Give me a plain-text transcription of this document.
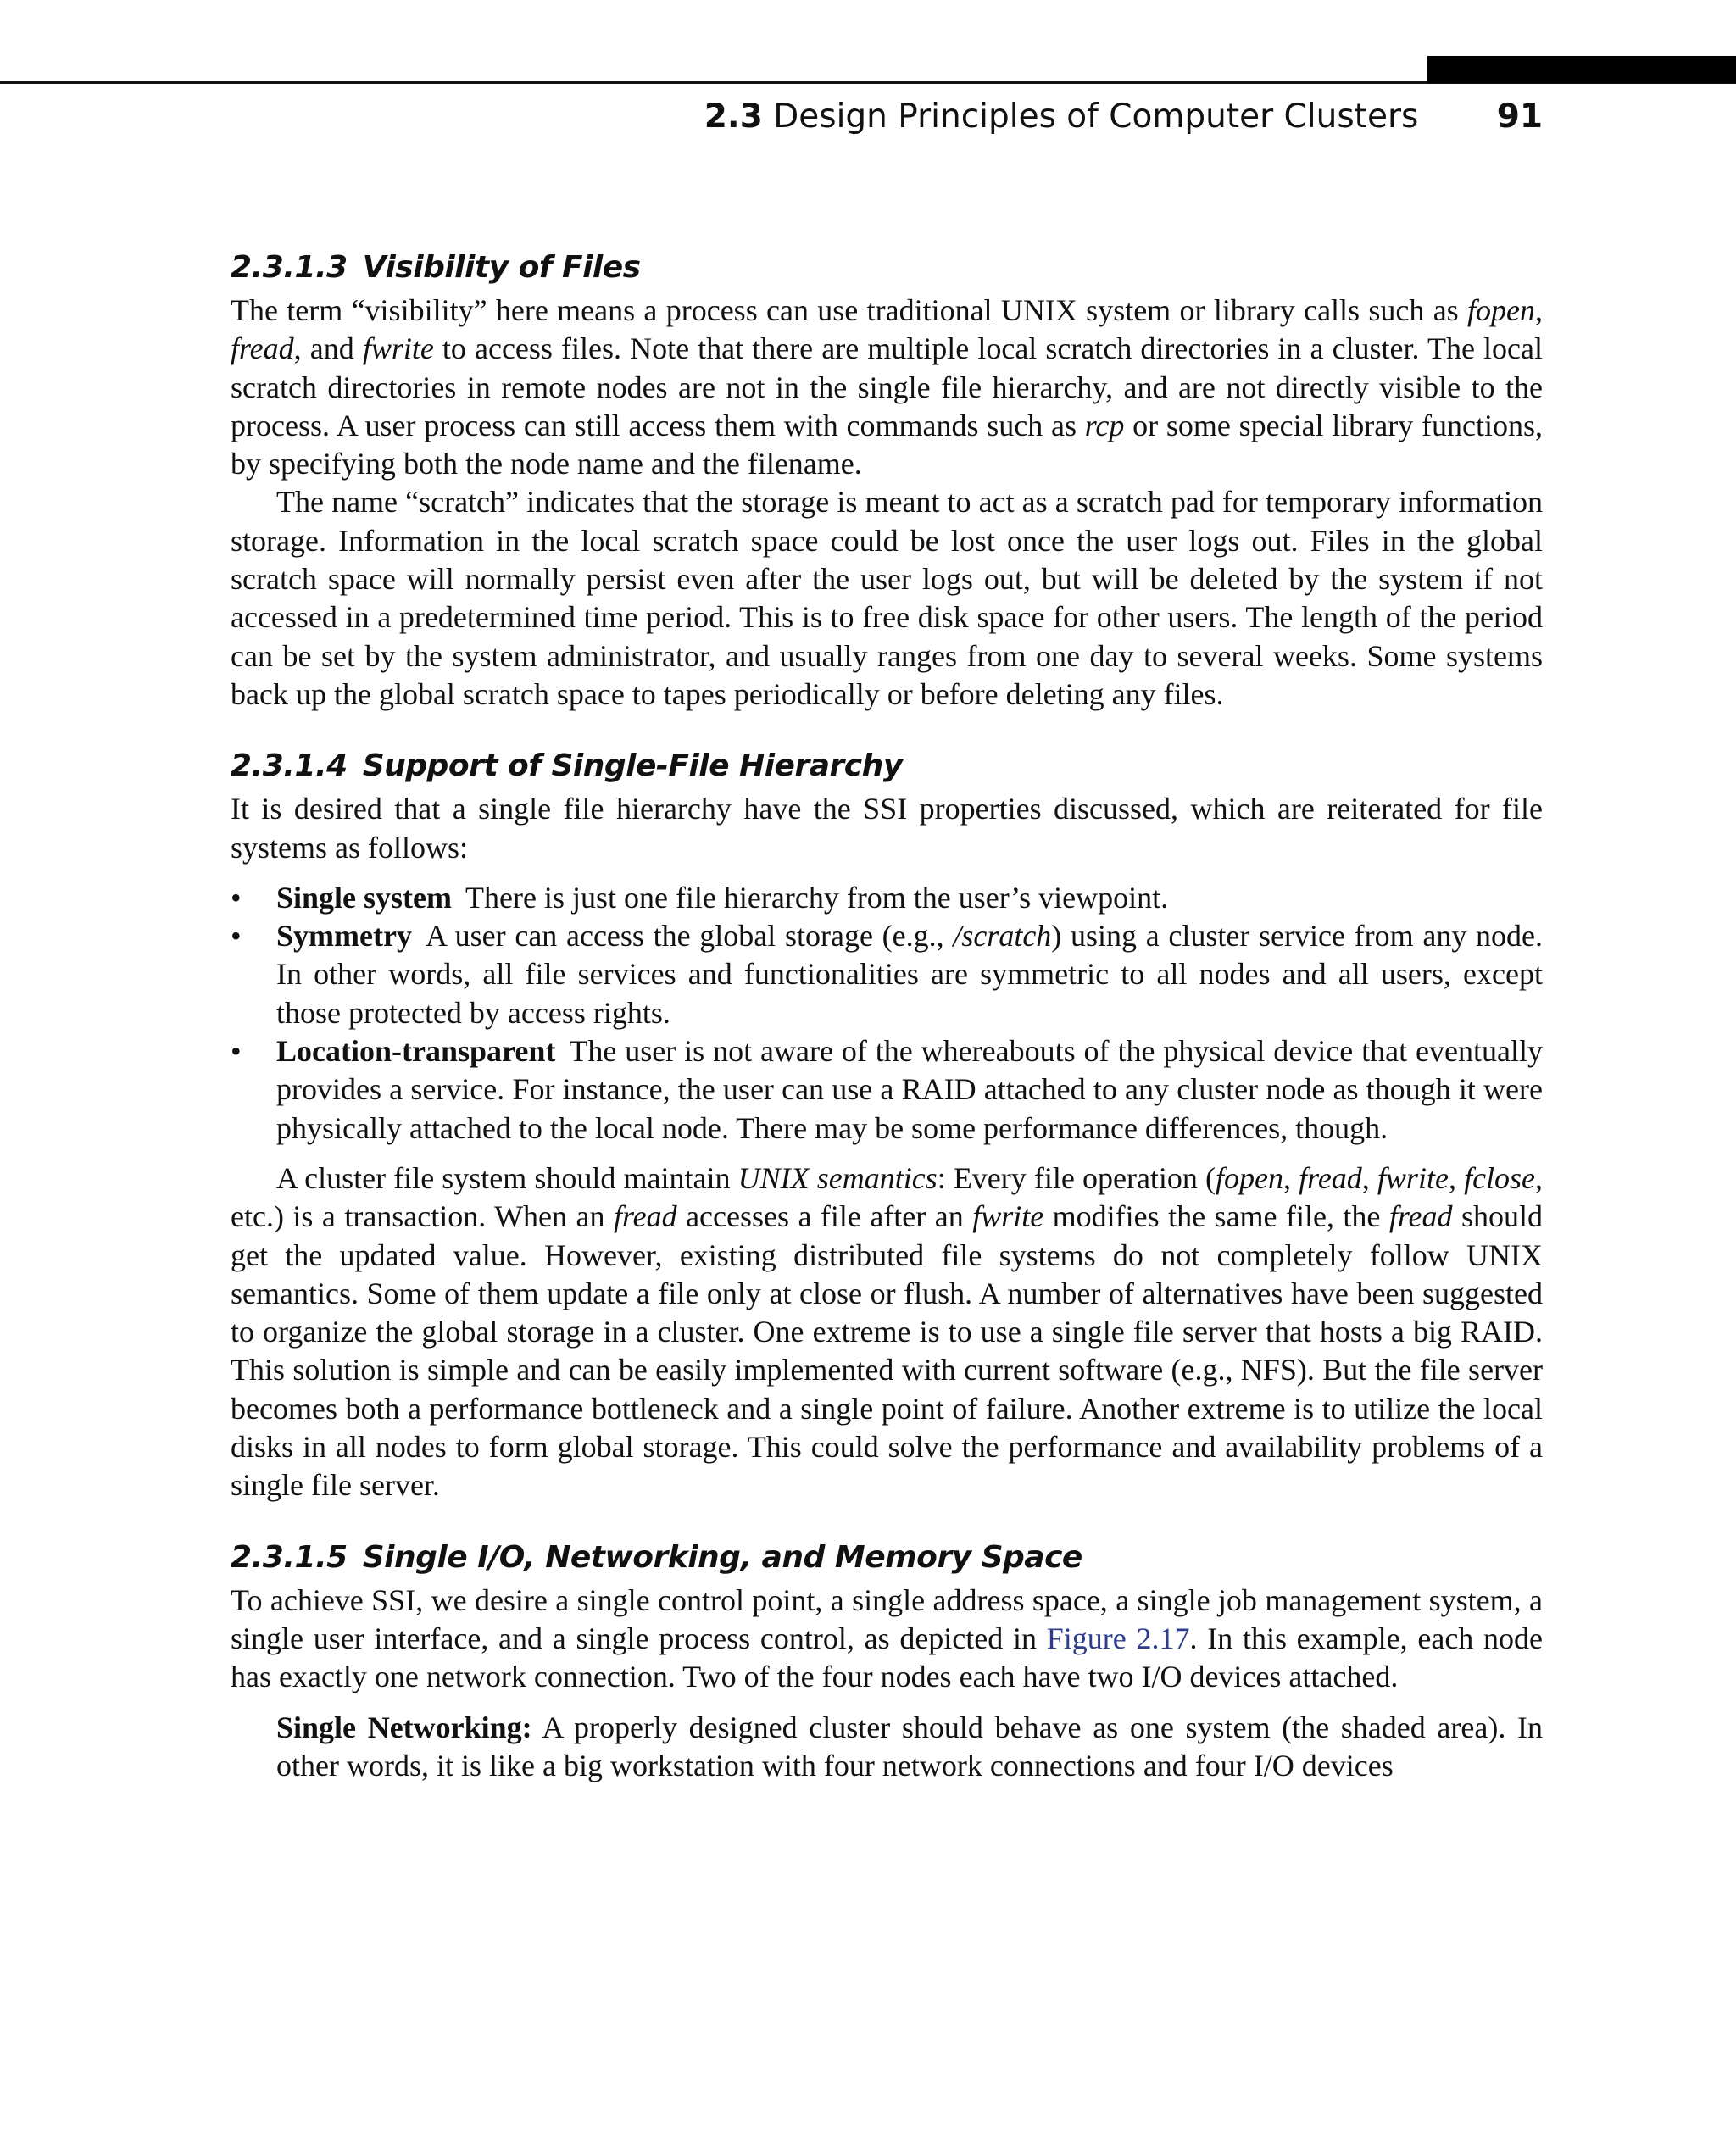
2.3 Design Principles of Computer Clusters 91
2.3.1.3 Visibility of Files

The term “visibility” here means a process can use traditional UNIX system or library calls such as fopen, fread, and fwrite to access files. Note that there are multiple local scratch directories in a cluster. The local scratch directories in remote nodes are not in the single file hierarchy, and are not directly visible to the process. A user process can still access them with commands such as rcp or some special library functions, by specifying both the node name and the filename.

The name “scratch” indicates that the storage is meant to act as a scratch pad for temporary information storage. Information in the local scratch space could be lost once the user logs out. Files in the global scratch space will normally persist even after the user logs out, but will be deleted by the system if not accessed in a predetermined time period. This is to free disk space for other users. The length of the period can be set by the system administrator, and usually ranges from one day to several weeks. Some systems back up the global scratch space to tapes periodically or before deleting any files.

2.3.1.4 Support of Single-File Hierarchy

It is desired that a single file hierarchy have the SSI properties discussed, which are reiterated for file systems as follows:

• Single system There is just one file hierarchy from the user’s viewpoint.
• Symmetry A user can access the global storage (e.g., /scratch) using a cluster service from any node. In other words, all file services and functionalities are symmetric to all nodes and all users, except those protected by access rights.
• Location-transparent The user is not aware of the whereabouts of the physical device that eventually provides a service. For instance, the user can use a RAID attached to any cluster node as though it were physically attached to the local node. There may be some performance differences, though.

A cluster file system should maintain UNIX semantics: Every file operation (fopen, fread, fwrite, fclose, etc.) is a transaction. When an fread accesses a file after an fwrite modifies the same file, the fread should get the updated value. However, existing distributed file systems do not completely follow UNIX semantics. Some of them update a file only at close or flush. A number of alternatives have been suggested to organize the global storage in a cluster. One extreme is to use a single file server that hosts a big RAID. This solution is simple and can be easily implemented with current software (e.g., NFS). But the file server becomes both a performance bottleneck and a single point of failure. Another extreme is to utilize the local disks in all nodes to form global storage. This could solve the performance and availability problems of a single file server.

2.3.1.5 Single I/O, Networking, and Memory Space

To achieve SSI, we desire a single control point, a single address space, a single job management system, a single user interface, and a single process control, as depicted in Figure 2.17. In this example, each node has exactly one network connection. Two of the four nodes each have two I/O devices attached.

Single Networking: A properly designed cluster should behave as one system (the shaded area). In other words, it is like a big workstation with four network connections and four I/O devices
